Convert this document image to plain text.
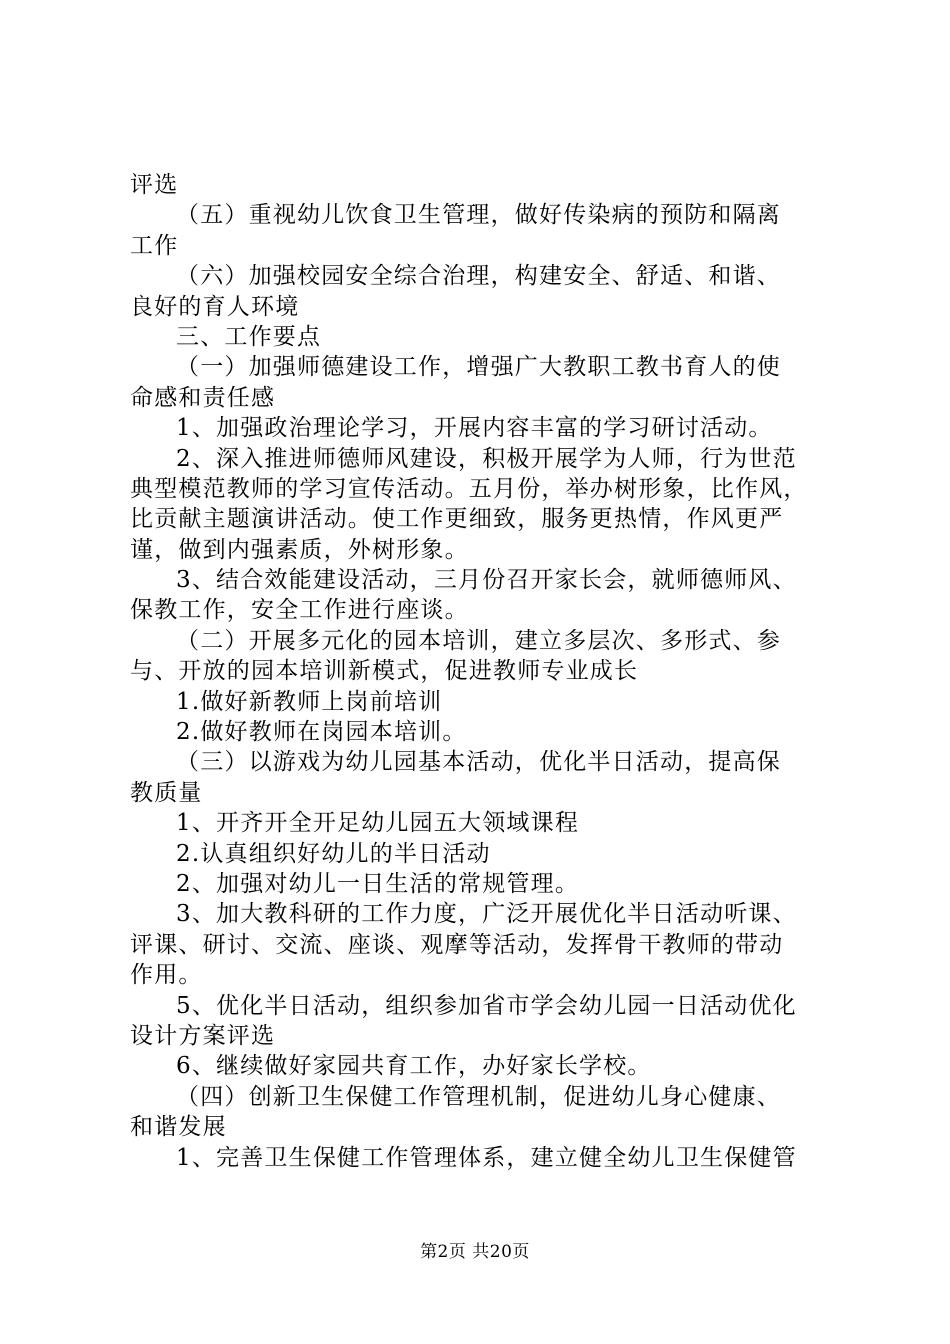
评选
（五）重视幼儿饮食卫生管理，做好传染病的预防和隔离
工作
（六）加强校园安全综合治理，构建安全、舒适、和谐、
良好的育人环境
三、工作要点
（一）加强师德建设工作，增强广大教职工教书育人的使
命感和责任感
1、加强政治理论学习，开展内容丰富的学习研讨活动。
2、深入推进师德师风建设，积极开展学为人师，行为世范
典型模范教师的学习宣传活动。五月份，举办树形象，比作风，
比贡献主题演讲活动。使工作更细致，服务更热情，作风更严
谨，做到内强素质，外树形象。
3、结合效能建设活动，三月份召开家长会，就师德师风、
保教工作，安全工作进行座谈。
（二）开展多元化的园本培训，建立多层次、多形式、参
与、开放的园本培训新模式，促进教师专业成长
1.做好新教师上岗前培训
2.做好教师在岗园本培训。
（三）以游戏为幼儿园基本活动，优化半日活动，提高保
教质量
1、开齐开全开足幼儿园五大领域课程
2.认真组织好幼儿的半日活动
2、加强对幼儿一日生活的常规管理。
3、加大教科研的工作力度，广泛开展优化半日活动听课、
评课、研讨、交流、座谈、观摩等活动，发挥骨干教师的带动
作用。
5、优化半日活动，组织参加省市学会幼儿园一日活动优化
设计方案评选
6、继续做好家园共育工作，办好家长学校。
（四）创新卫生保健工作管理机制，促进幼儿身心健康、
和谐发展
1、完善卫生保健工作管理体系，建立健全幼儿卫生保健管
第2页 共20页
